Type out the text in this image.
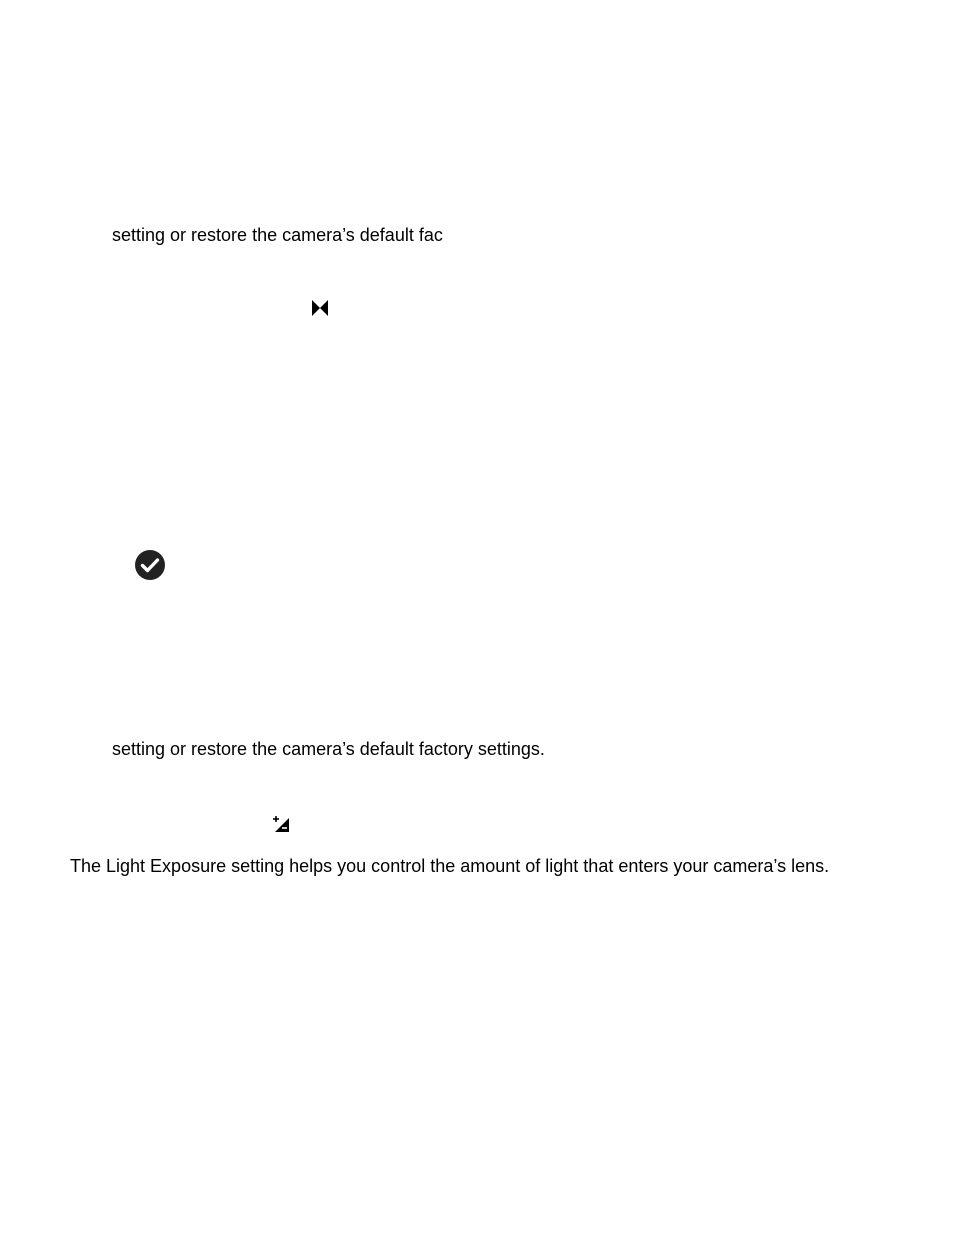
setting or restore the camera’s default fac
setting or restore the camera’s default factory settings.
The Light Exposure setting helps you control the amount of light that enters your camera’s lens.
